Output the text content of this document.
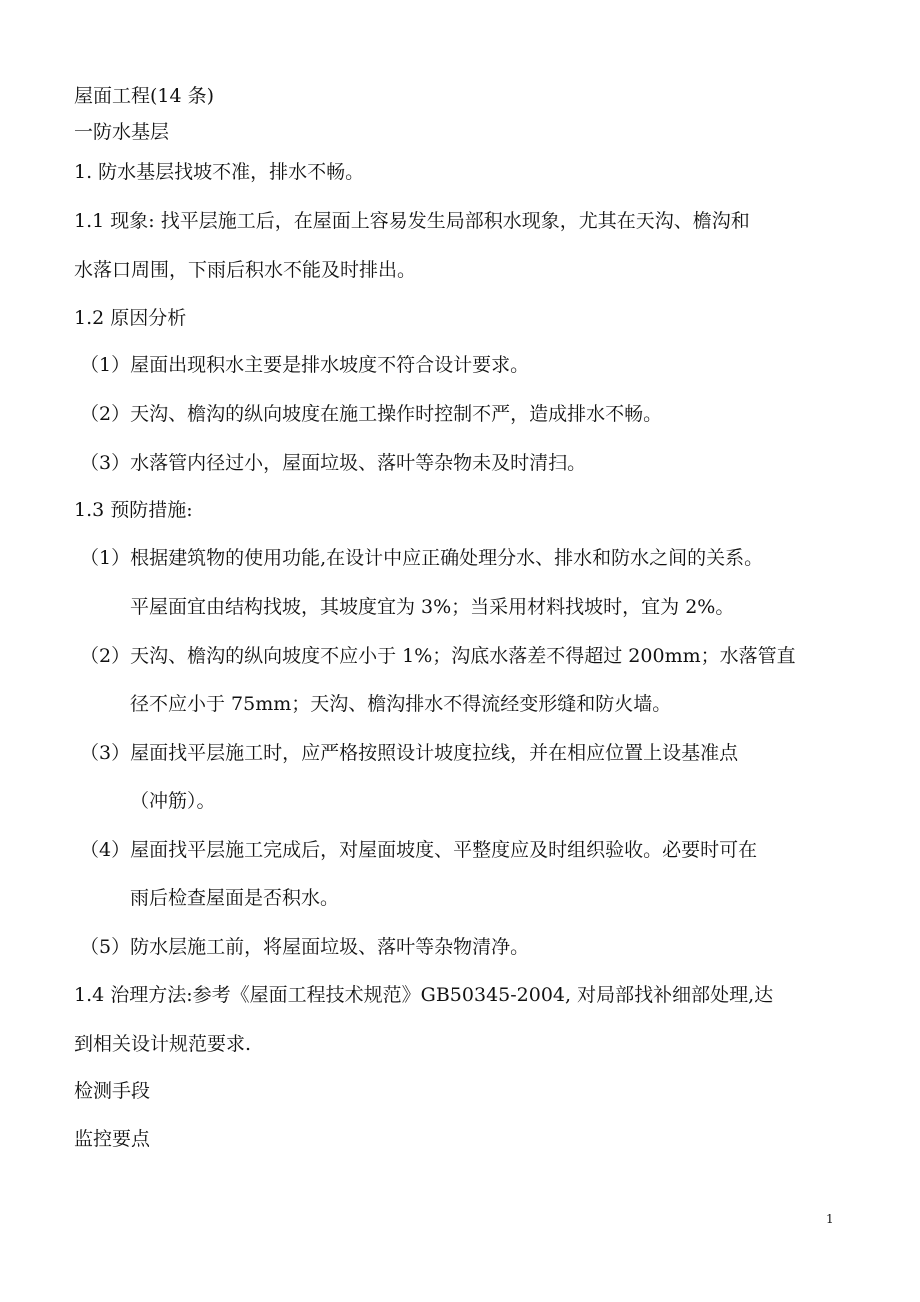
屋面工程(14 条)
一防水基层
1. 防水基层找坡不准，排水不畅。
1.1 现象: 找平层施工后，在屋面上容易发生局部积水现象，尤其在天沟、檐沟和
水落口周围，下雨后积水不能及时排出。
1.2 原因分析
（1）屋面出现积水主要是排水坡度不符合设计要求。
（2）天沟、檐沟的纵向坡度在施工操作时控制不严，造成排水不畅。
（3）水落管内径过小，屋面垃圾、落叶等杂物未及时清扫。
1.3 预防措施:
（1）根据建筑物的使用功能,在设计中应正确处理分水、排水和防水之间的关系。
平屋面宜由结构找坡，其坡度宜为 3%；当采用材料找坡时，宜为 2%。
（2）天沟、檐沟的纵向坡度不应小于 1%；沟底水落差不得超过 200mm；水落管直
径不应小于 75mm；天沟、檐沟排水不得流经变形缝和防火墙。
（3）屋面找平层施工时，应严格按照设计坡度拉线，并在相应位置上设基准点
（冲筋）。
（4）屋面找平层施工完成后，对屋面坡度、平整度应及时组织验收。必要时可在
雨后检查屋面是否积水。
（5）防水层施工前，将屋面垃圾、落叶等杂物清净。
1.4 治理方法:参考《屋面工程技术规范》GB50345-2004, 对局部找补细部处理,达
到相关设计规范要求.
检测手段
监控要点
1
